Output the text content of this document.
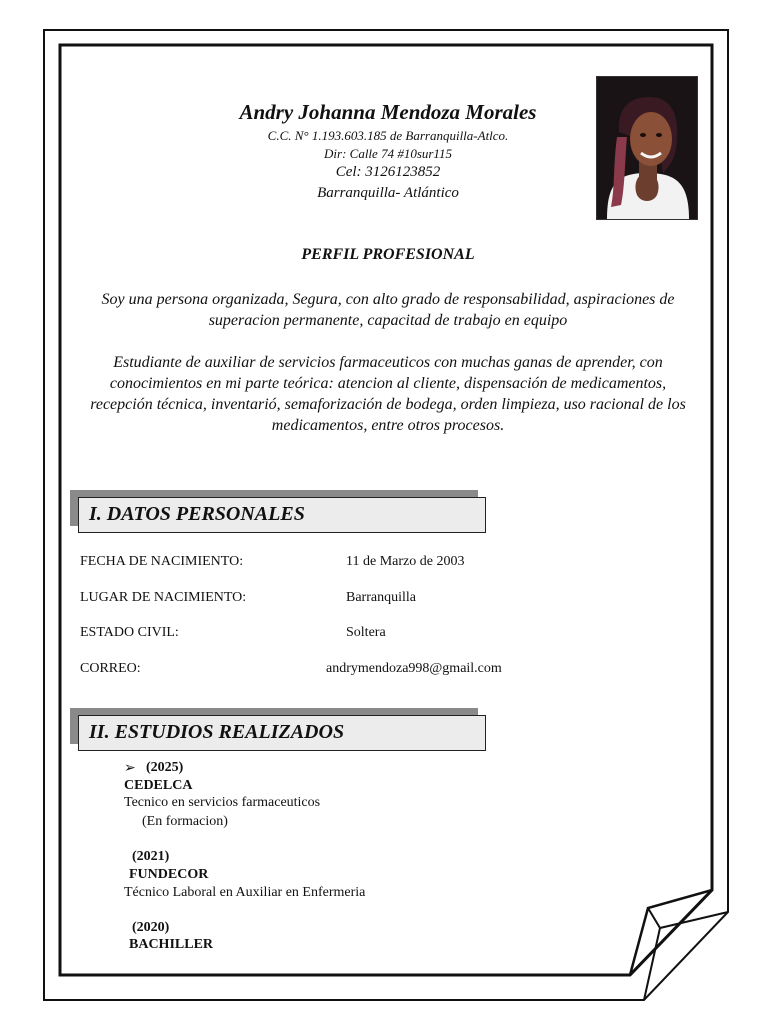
Andry Johanna Mendoza Morales
C.C. N° 1.193.603.185 de Barranquilla-Atlco.
Dir: Calle 74 #10sur115
Cel: 3126123852
Barranquilla- Atlántico
PERFIL PROFESIONAL
Soy una persona organizada, Segura, con alto grado de responsabilidad, aspiraciones de superacion permanente, capacitad de trabajo en equipo
Estudiante de auxiliar de servicios farmaceuticos con muchas ganas de aprender, con conocimientos en mi parte teórica: atencion al cliente, dispensación de medicamentos, recepción técnica, inventarió, semaforización de bodega, orden limpieza, uso racional de los medicamentos, entre otros procesos.
I. DATOS PERSONALES
FECHA DE NACIMIENTO:	11 de Marzo de 2003
LUGAR DE NACIMIENTO:	Barranquilla
ESTADO CIVIL:	Soltera
CORREO:	andrymendoza998@gmail.com
II. ESTUDIOS REALIZADOS
➢ (2025)
CEDELCA
Tecnico en servicios farmaceuticos
(En formacion)
(2021)
FUNDECOR
Técnico Laboral en Auxiliar en Enfermeria
(2020)
BACHILLER
